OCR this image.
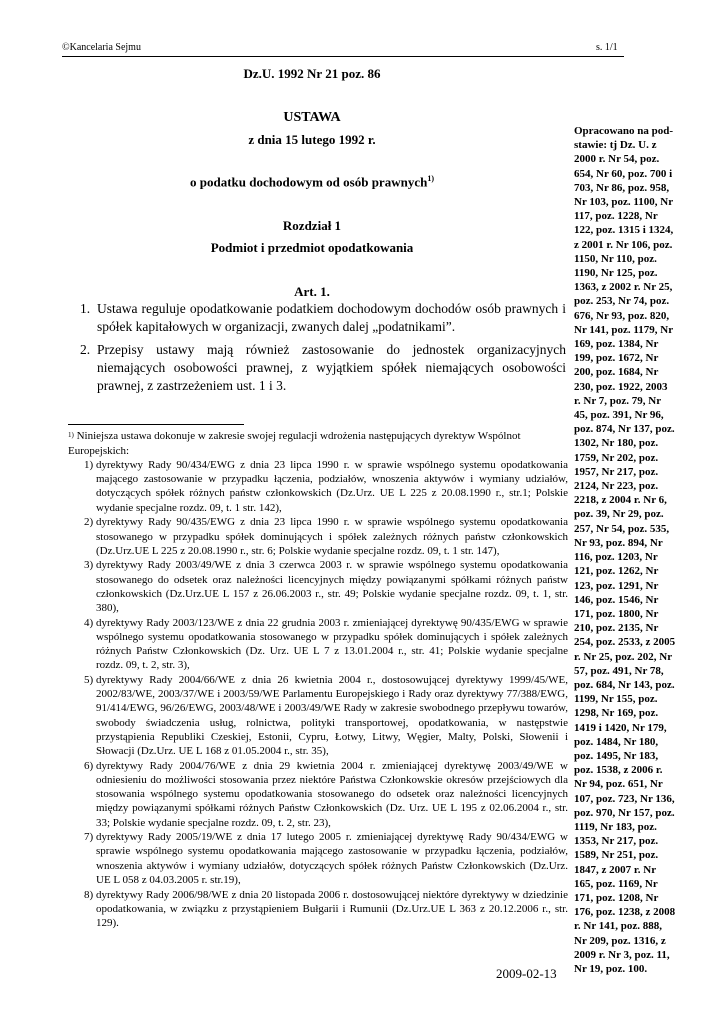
©Kancelaria Sejmu	s. 1/1
Dz.U. 1992 Nr 21 poz. 86
USTAWA
z dnia 15 lutego 1992 r.
o podatku dochodowym od osób prawnych$^{1)}$
Rozdział 1
Podmiot i przedmiot opodatkowania
Art. 1.
1. Ustawa reguluje opodatkowanie podatkiem dochodowym dochodów osób prawnych i spółek kapitałowych w organizacji, zwanych dalej „podatnikami”.
2. Przepisy ustawy mają również zastosowanie do jednostek organizacyjnych niemających osobowości prawnej, z wyjątkiem spółek niemających osobowości prawnej, z zastrzeżeniem ust. 1 i 3.
$^{1)}$ Niniejsza ustawa dokonuje w zakresie swojej regulacji wdrożenia następujących dyrektyw Wspólnot Europejskich:
1) dyrektywy Rady 90/434/EWG z dnia 23 lipca 1990 r. w sprawie wspólnego systemu opodatkowania mającego zastosowanie w przypadku łączenia, podziałów, wnoszenia aktywów i wymiany udziałów, dotyczących spółek różnych państw członkowskich (Dz.Urz. UE L 225 z 20.08.1990 r., str.1; Polskie wydanie specjalne rozdz. 09, t. 1 str. 142),
2) dyrektywy Rady 90/435/EWG z dnia 23 lipca 1990 r. w sprawie wspólnego systemu opodatkowania stosowanego w przypadku spółek dominujących i spółek zależnych różnych państw członkowskich (Dz.Urz.UE L 225 z 20.08.1990 r., str. 6; Polskie wydanie specjalne rozdz. 09, t. 1 str. 147),
3) dyrektywy Rady 2003/49/WE z dnia 3 czerwca 2003 r. w sprawie wspólnego systemu opodatkowania stosowanego do odsetek oraz należności licencyjnych między powiązanymi spółkami różnych państw członkowskich (Dz.Urz.UE L 157 z 26.06.2003 r., str. 49; Polskie wydanie specjalne rozdz. 09, t. 1, str. 380),
4) dyrektywy Rady 2003/123/WE z dnia 22 grudnia 2003 r. zmieniającej dyrektywę 90/435/EWG w sprawie wspólnego systemu opodatkowania stosowanego w przypadku spółek dominujących i spółek zależnych różnych Państw Członkowskich (Dz. Urz. UE L 7 z 13.01.2004 r., str. 41; Polskie wydanie specjalne rozdz. 09, t. 2, str. 3),
5) dyrektywy Rady 2004/66/WE z dnia 26 kwietnia 2004 r., dostosowującej dyrektywy 1999/45/WE, 2002/83/WE, 2003/37/WE i 2003/59/WE Parlamentu Europejskiego i Rady oraz dyrektywy 77/388/EWG, 91/414/EWG, 96/26/EWG, 2003/48/WE i 2003/49/WE Rady w zakresie swobodnego przepływu towarów, swobody świadczenia usług, rolnictwa, polityki transportowej, opodatkowania, w następstwie przystąpienia Republiki Czeskiej, Estonii, Cypru, Łotwy, Litwy, Węgier, Malty, Polski, Słowenii i Słowacji (Dz.Urz. UE L 168 z 01.05.2004 r., str. 35),
6) dyrektywy Rady 2004/76/WE z dnia 29 kwietnia 2004 r. zmieniającej dyrektywę 2003/49/WE w odniesieniu do możliwości stosowania przez niektóre Państwa Członkowskie okresów przejściowych dla stosowania wspólnego systemu opodatkowania stosowanego do odsetek oraz należności licencyjnych między powiązanymi spółkami różnych Państw Członkowskich (Dz. Urz. UE L 195 z 02.06.2004 r., str. 33; Polskie wydanie specjalne rozdz. 09, t. 2, str. 23),
7) dyrektywy Rady 2005/19/WE z dnia 17 lutego 2005 r. zmieniającej dyrektywę Rady 90/434/EWG w sprawie wspólnego systemu opodatkowania mającego zastosowanie w przypadku łączenia, podziałów, wnoszenia aktywów i wymiany udziałów, dotyczących spółek różnych Państw Członkowskich (Dz.Urz. UE L 058 z 04.03.2005 r. str.19),
8) dyrektywy Rady 2006/98/WE z dnia 20 listopada 2006 r. dostosowującej niektóre dyrektywy w dziedzinie opodatkowania, w związku z przystąpieniem Bułgarii i Rumunii (Dz.Urz.UE L 363 z 20.12.2006 r., str. 129).
Opracowano na pod-
stawie: tj Dz. U. z
2000 r. Nr 54, poz.
654, Nr 60, poz. 700 i
703, Nr 86, poz. 958,
Nr 103, poz. 1100, Nr
117, poz. 1228, Nr
122, poz. 1315 i 1324,
z 2001 r. Nr 106, poz.
1150, Nr 110, poz.
1190, Nr 125, poz.
1363, z 2002 r. Nr 25,
poz. 253, Nr 74, poz.
676, Nr 93, poz. 820,
Nr 141, poz. 1179, Nr
169, poz. 1384, Nr
199, poz. 1672, Nr
200, poz. 1684, Nr
230, poz. 1922, 2003
r. Nr 7, poz. 79, Nr
45, poz. 391, Nr 96,
poz. 874, Nr 137, poz.
1302, Nr 180, poz.
1759, Nr 202, poz.
1957, Nr 217, poz.
2124, Nr 223, poz.
2218, z 2004 r. Nr 6,
poz. 39, Nr 29, poz.
257, Nr 54, poz. 535,
Nr 93, poz. 894, Nr
116, poz. 1203, Nr
121, poz. 1262, Nr
123, poz. 1291, Nr
146, poz. 1546, Nr
171, poz. 1800, Nr
210, poz. 2135, Nr
254, poz. 2533, z 2005
r. Nr 25, poz. 202, Nr
57, poz. 491, Nr 78,
poz. 684, Nr 143, poz.
1199, Nr 155, poz.
1298, Nr 169, poz.
1419 i 1420, Nr 179,
poz. 1484, Nr 180,
poz. 1495, Nr 183,
poz. 1538, z 2006 r.
Nr 94, poz. 651, Nr
107, poz. 723, Nr 136,
poz. 970, Nr 157, poz.
1119, Nr 183, poz.
1353, Nr 217, poz.
1589, Nr 251, poz.
1847, z 2007 r. Nr
165, poz. 1169, Nr
171, poz. 1208, Nr
176, poz. 1238, z 2008
r. Nr 141, poz. 888,
Nr 209, poz. 1316, z
2009 r. Nr 3, poz. 11,
Nr 19, poz. 100.
2009-02-13
